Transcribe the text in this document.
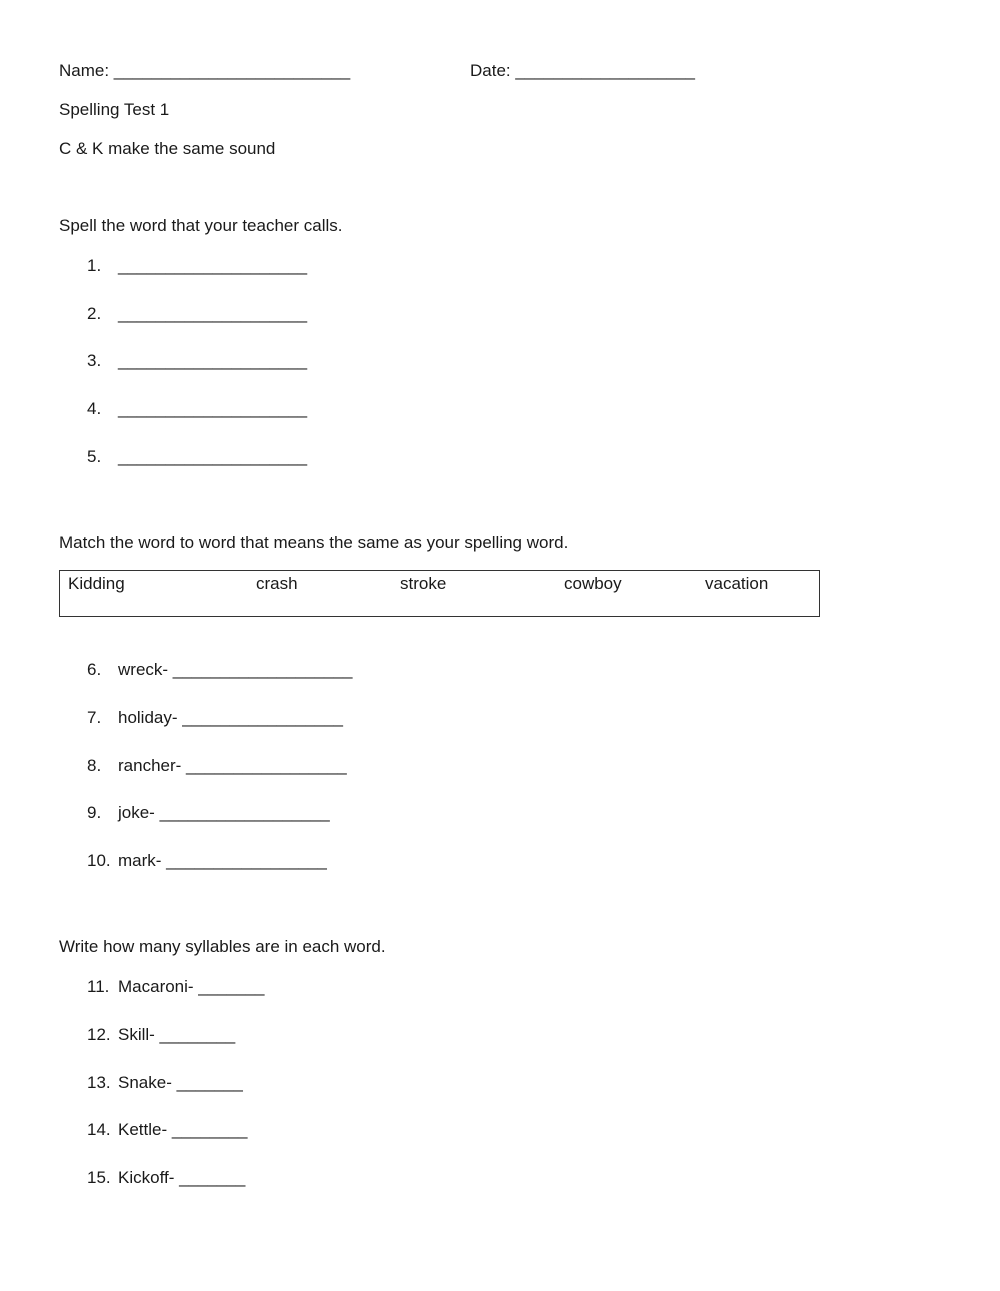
Name: _________________________	Date: ___________________
Spelling Test 1
C & K make the same sound
Spell the word that your teacher calls.
1. ____________________
2. ____________________
3. ____________________
4. ____________________
5. ____________________
Match the word to word that means the same as your spelling word.
Kidding	crash	stroke	cowboy	vacation
6. wreck- ___________________
7. holiday- _________________
8. rancher- _________________
9. joke- __________________
10. mark- _________________
Write how many syllables are in each word.
11. Macaroni- _______
12. Skill- ________
13. Snake- _______
14. Kettle- ________
15. Kickoff- _______
